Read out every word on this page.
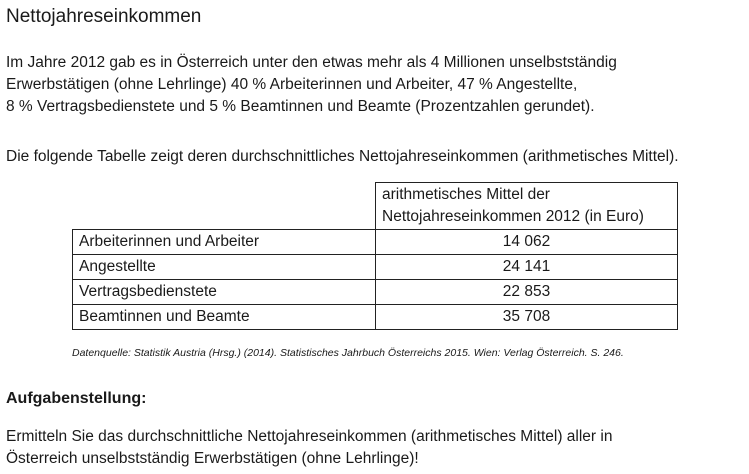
Nettojahreseinkommen
Im Jahre 2012 gab es in Österreich unter den etwas mehr als 4 Millionen unselbstständig
Erwerbstätigen (ohne Lehrlinge) 40 % Arbeiterinnen und Arbeiter, 47 % Angestellte,
8 % Vertragsbedienstete und 5 % Beamtinnen und Beamte (Prozentzahlen gerundet).
Die folgende Tabelle zeigt deren durchschnittliches Nettojahreseinkommen (arithmetisches Mittel).

	arithmetisches Mittel der
Nettojahreseinkommen 2012 (in Euro)

Arbeiterinnen und Arbeiter	14 062
Angestellte	24 141
Vertragsbedienstete	22 853
Beamtinnen und Beamte	35 708
Datenquelle: Statistik Austria (Hrsg.) (2014). Statistisches Jahrbuch Österreichs 2015. Wien: Verlag Österreich. S. 246.
Aufgabenstellung:
Ermitteln Sie das durchschnittliche Nettojahreseinkommen (arithmetisches Mittel) aller in
Österreich unselbstständig Erwerbstätigen (ohne Lehrlinge)!
